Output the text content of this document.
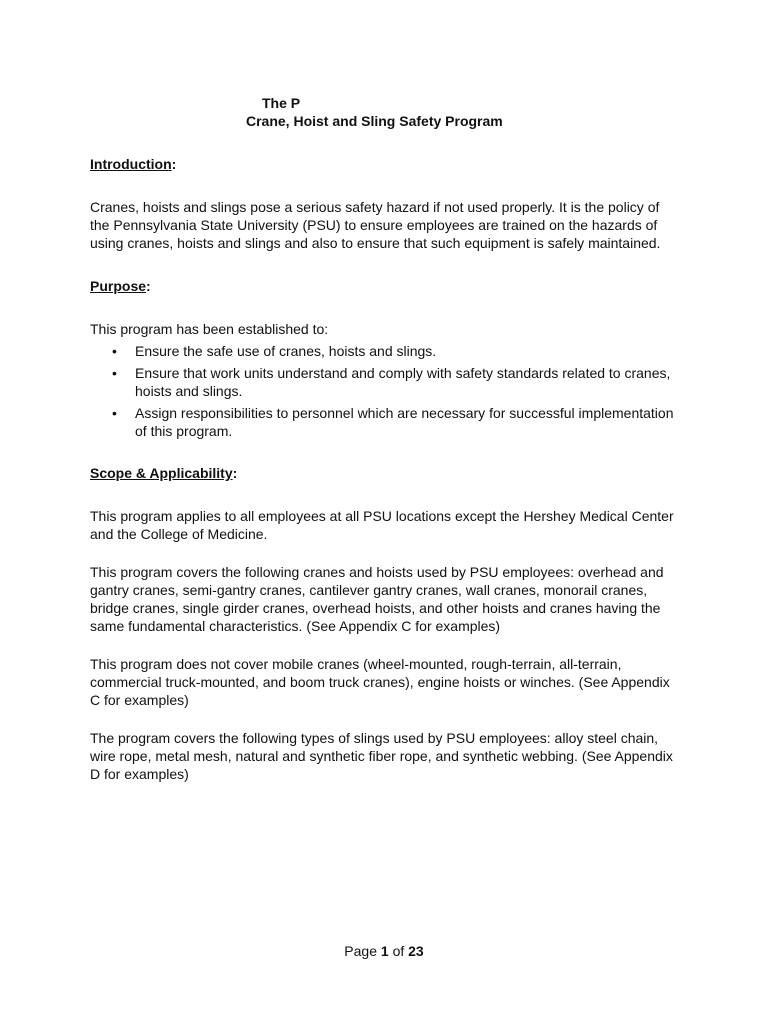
The P
Crane, Hoist and Sling Safety Program
Introduction:
Cranes, hoists and slings pose a serious safety hazard if not used properly. It is the policy of the Pennsylvania State University (PSU) to ensure employees are trained on the hazards of using cranes, hoists and slings and also to ensure that such equipment is safely maintained.
Purpose:
This program has been established to:
• Ensure the safe use of cranes, hoists and slings.
• Ensure that work units understand and comply with safety standards related to cranes, hoists and slings.
• Assign responsibilities to personnel which are necessary for successful implementation of this program.
Scope & Applicability:
This program applies to all employees at all PSU locations except the Hershey Medical Center and the College of Medicine.
This program covers the following cranes and hoists used by PSU employees: overhead and gantry cranes, semi-gantry cranes, cantilever gantry cranes, wall cranes, monorail cranes, bridge cranes, single girder cranes, overhead hoists, and other hoists and cranes having the same fundamental characteristics. (See Appendix C for examples)
This program does not cover mobile cranes (wheel-mounted, rough-terrain, all-terrain, commercial truck-mounted, and boom truck cranes), engine hoists or winches. (See Appendix C for examples)
The program covers the following types of slings used by PSU employees: alloy steel chain, wire rope, metal mesh, natural and synthetic fiber rope, and synthetic webbing. (See Appendix D for examples)
Page 1 of 23
